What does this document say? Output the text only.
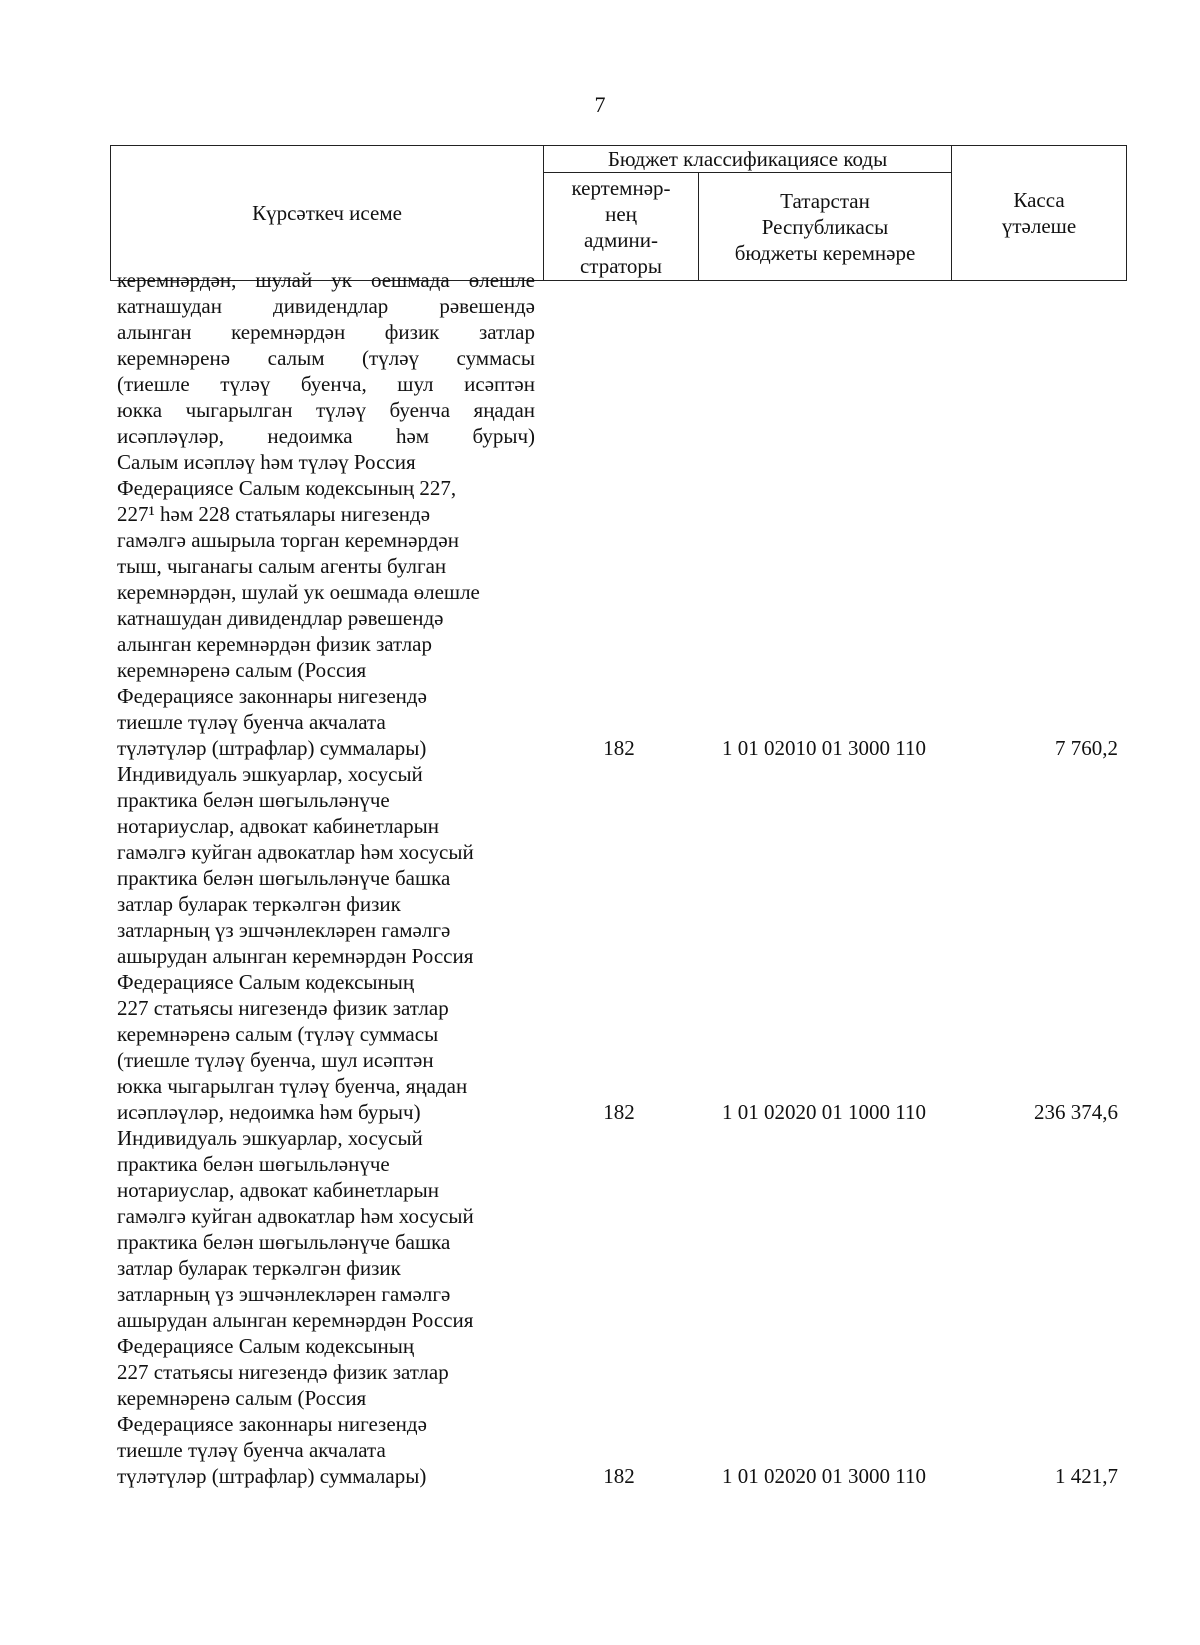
7
Күрсәткеч исеме	Бюджет классификациясе коды		Касса
үтәлеше
	кертемнәр-
нең
админи-
страторы	Татарстан
Республикасы
бюджеты керемнәре	
керемнәрдән, шулай ук оешмада өлешле
катнашудан дивидендлар рәвешендә
алынган керемнәрдән физик затлар
керемнәренә салым (түләү суммасы
(тиешле түләү буенча, шул исәптән
юкка чыгарылган түләү буенча яңадан
исәпләүләр, недоимка һәм бурыч)
Салым исәпләү һәм түләү Россия
Федерациясе Салым кодексының 227,
227¹ һәм 228 статьялары нигезендә
гамәлгә ашырыла торган керемнәрдән
тыш, чыганагы салым агенты булган
керемнәрдән, шулай ук оешмада өлешле
катнашудан дивидендлар рәвешендә
алынган керемнәрдән физик затлар
керемнәренә салым (Россия
Федерациясе законнары нигезендә
тиешле түләү буенча акчалата
түләтүләр (штрафлар) суммалары)	182	1 01 02010 01 3000 110	7 760,2
Индивидуаль эшкуарлар, хосусый
практика белән шөгыльләнүче
нотариуслар, адвокат кабинетларын
гамәлгә куйган адвокатлар һәм хосусый
практика белән шөгыльләнүче башка
затлар буларак теркәлгән физик
затларның үз эшчәнлекләрен гамәлгә
ашырудан алынган керемнәрдән Россия
Федерациясе Салым кодексының
227 статьясы нигезендә физик затлар
керемнәренә салым (түләү суммасы
(тиешле түләү буенча, шул исәптән
юкка чыгарылган түләү буенча, яңадан
исәпләүләр, недоимка һәм бурыч)	182	1 01 02020 01 1000 110	236 374,6
Индивидуаль эшкуарлар, хосусый
практика белән шөгыльләнүче
нотариуслар, адвокат кабинетларын
гамәлгә куйган адвокатлар һәм хосусый
практика белән шөгыльләнүче башка
затлар буларак теркәлгән физик
затларның үз эшчәнлекләрен гамәлгә
ашырудан алынган керемнәрдән Россия
Федерациясе Салым кодексының
227 статьясы нигезендә физик затлар
керемнәренә салым (Россия
Федерациясе законнары нигезендә
тиешле түләү буенча акчалата
түләтүләр (штрафлар) суммалары)	182	1 01 02020 01 3000 110	1 421,7
